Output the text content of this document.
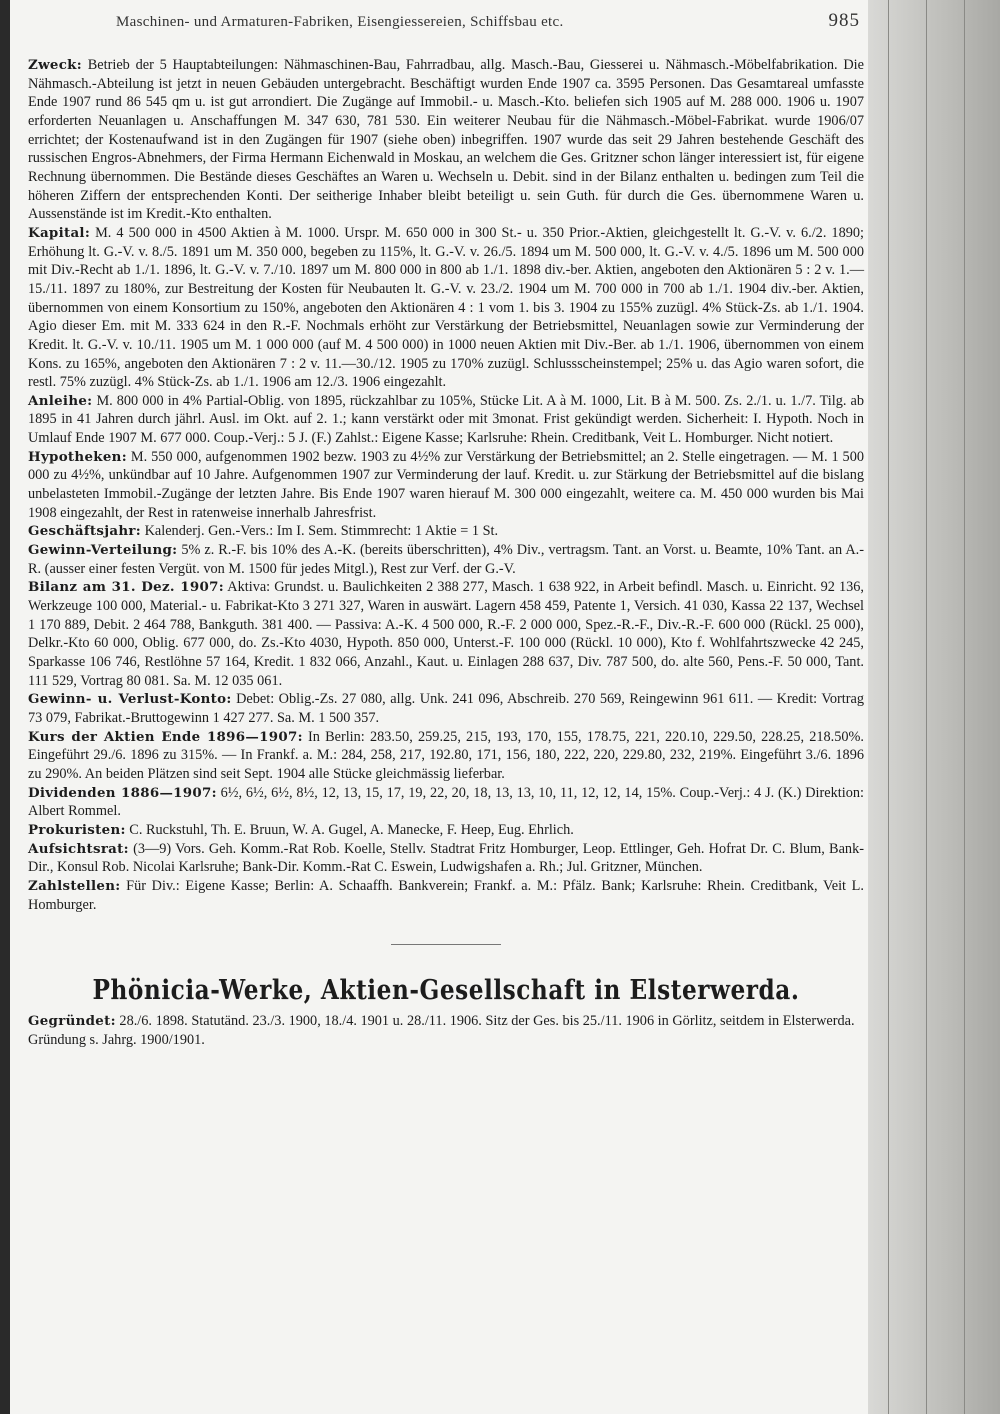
Maschinen- und Armaturen-Fabriken, Eisengiessereien, Schiffsbau etc.	985

Zweck: Betrieb der 5 Hauptabteilungen: Nähmaschinen-Bau, Fahrradbau, allg. Masch.-Bau, Giesserei u. Nähmasch.-Möbelfabrikation. Die Nähmasch.-Abteilung ist jetzt in neuen Gebäuden untergebracht. Beschäftigt wurden Ende 1907 ca. 3595 Personen. Das Gesamtareal umfasste Ende 1907 rund 86 545 qm u. ist gut arrondiert. Die Zugänge auf Immobil.- u. Masch.-Kto. beliefen sich 1905 auf M. 288 000. 1906 u. 1907 erforderten Neuanlagen u. Anschaffungen M. 347 630, 781 530. Ein weiterer Neubau für die Nähmasch.-Möbel-Fabrikat. wurde 1906/07 errichtet; der Kostenaufwand ist in den Zugängen für 1907 (siehe oben) inbegriffen. 1907 wurde das seit 29 Jahren bestehende Geschäft des russischen Engros-Abnehmers, der Firma Hermann Eichenwald in Moskau, an welchem die Ges. Gritzner schon länger interessiert ist, für eigene Rechnung übernommen. Die Bestände dieses Geschäftes an Waren u. Wechseln u. Debit. sind in der Bilanz enthalten u. bedingen zum Teil die höheren Ziffern der entsprechenden Konti. Der seitherige Inhaber bleibt beteiligt u. sein Guth. für durch die Ges. übernommene Waren u. Aussenstände ist im Kredit.-Kto enthalten.

Kapital: M. 4 500 000 in 4500 Aktien à M. 1000. Urspr. M. 650 000 in 300 St.- u. 350 Prior.-Aktien, gleichgestellt lt. G.-V. v. 6./2. 1890; Erhöhung lt. G.-V. v. 8./5. 1891 um M. 350 000, begeben zu 115%, lt. G.-V. v. 26./5. 1894 um M. 500 000, lt. G.-V. v. 4./5. 1896 um M. 500 000 mit Div.-Recht ab 1./1. 1896, lt. G.-V. v. 7./10. 1897 um M. 800 000 in 800 ab 1./1. 1898 div.-ber. Aktien, angeboten den Aktionären 5 : 2 v. 1.—15./11. 1897 zu 180%, zur Bestreitung der Kosten für Neubauten lt. G.-V. v. 23./2. 1904 um M. 700 000 in 700 ab 1./1. 1904 div.-ber. Aktien, übernommen von einem Konsortium zu 150%, angeboten den Aktionären 4 : 1 vom 1. bis 3. 1904 zu 155% zuzügl. 4% Stück-Zs. ab 1./1. 1904. Agio dieser Em. mit M. 333 624 in den R.-F. Nochmals erhöht zur Verstärkung der Betriebsmittel, Neuanlagen sowie zur Verminderung der Kredit. lt. G.-V. v. 10./11. 1905 um M. 1 000 000 (auf M. 4 500 000) in 1000 neuen Aktien mit Div.-Ber. ab 1./1. 1906, übernommen von einem Kons. zu 165%, angeboten den Aktionären 7 : 2 v. 11.—30./12. 1905 zu 170% zuzügl. Schlussscheinstempel; 25% u. das Agio waren sofort, die restl. 75% zuzügl. 4% Stück-Zs. ab 1./1. 1906 am 12./3. 1906 eingezahlt.

Anleihe: M. 800 000 in 4% Partial-Oblig. von 1895, rückzahlbar zu 105%, Stücke Lit. A à M. 1000, Lit. B à M. 500. Zs. 2./1. u. 1./7. Tilg. ab 1895 in 41 Jahren durch jährl. Ausl. im Okt. auf 2. 1.; kann verstärkt oder mit 3monat. Frist gekündigt werden. Sicherheit: I. Hypoth. Noch in Umlauf Ende 1907 M. 677 000. Coup.-Verj.: 5 J. (F.) Zahlst.: Eigene Kasse; Karlsruhe: Rhein. Creditbank, Veit L. Homburger. Nicht notiert.

Hypotheken: M. 550 000, aufgenommen 1902 bezw. 1903 zu 4½% zur Verstärkung der Betriebsmittel; an 2. Stelle eingetragen. — M. 1 500 000 zu 4½%, unkündbar auf 10 Jahre. Aufgenommen 1907 zur Verminderung der lauf. Kredit. u. zur Stärkung der Betriebsmittel auf die bislang unbelasteten Immobil.-Zugänge der letzten Jahre. Bis Ende 1907 waren hierauf M. 300 000 eingezahlt, weitere ca. M. 450 000 wurden bis Mai 1908 eingezahlt, der Rest in ratenweise innerhalb Jahresfrist.

Geschäftsjahr: Kalenderj. Gen.-Vers.: Im I. Sem. Stimmrecht: 1 Aktie = 1 St.

Gewinn-Verteilung: 5% z. R.-F. bis 10% des A.-K. (bereits überschritten), 4% Div., vertragsm. Tant. an Vorst. u. Beamte, 10% Tant. an A.-R. (ausser einer festen Vergüt. von M. 1500 für jedes Mitgl.), Rest zur Verf. der G.-V.

Bilanz am 31. Dez. 1907: Aktiva: Grundst. u. Baulichkeiten 2 388 277, Masch. 1 638 922, in Arbeit befindl. Masch. u. Einricht. 92 136, Werkzeuge 100 000, Material.- u. Fabrikat-Kto 3 271 327, Waren in auswärt. Lagern 458 459, Patente 1, Versich. 41 030, Kassa 22 137, Wechsel 1 170 889, Debit. 2 464 788, Bankguth. 381 400. — Passiva: A.-K. 4 500 000, R.-F. 2 000 000, Spez.-R.-F., Div.-R.-F. 600 000 (Rückl. 25 000), Delkr.-Kto 60 000, Oblig. 677 000, do. Zs.-Kto 4030, Hypoth. 850 000, Unterst.-F. 100 000 (Rückl. 10 000), Kto f. Wohlfahrtszwecke 42 245, Sparkasse 106 746, Restlöhne 57 164, Kredit. 1 832 066, Anzahl., Kaut. u. Einlagen 288 637, Div. 787 500, do. alte 560, Pens.-F. 50 000, Tant. 111 529, Vortrag 80 081. Sa. M. 12 035 061.

Gewinn- u. Verlust-Konto: Debet: Oblig.-Zs. 27 080, allg. Unk. 241 096, Abschreib. 270 569, Reingewinn 961 611. — Kredit: Vortrag 73 079, Fabrikat.-Bruttogewinn 1 427 277. Sa. M. 1 500 357.

Kurs der Aktien Ende 1896—1907: In Berlin: 283.50, 259.25, 215, 193, 170, 155, 178.75, 221, 220.10, 229.50, 228.25, 218.50%. Eingeführt 29./6. 1896 zu 315%. — In Frankf. a. M.: 284, 258, 217, 192.80, 171, 156, 180, 222, 220, 229.80, 232, 219%. Eingeführt 3./6. 1896 zu 290%. An beiden Plätzen sind seit Sept. 1904 alle Stücke gleichmässig lieferbar.

Dividenden 1886—1907: 6½, 6½, 6½, 8½, 12, 13, 15, 17, 19, 22, 20, 18, 13, 13, 10, 11, 12, 12, 14, 15%. Coup.-Verj.: 4 J. (K.) Direktion: Albert Rommel.

Prokuristen: C. Ruckstuhl, Th. E. Bruun, W. A. Gugel, A. Manecke, F. Heep, Eug. Ehrlich.

Aufsichtsrat: (3—9) Vors. Geh. Komm.-Rat Rob. Koelle, Stellv. Stadtrat Fritz Homburger, Leop. Ettlinger, Geh. Hofrat Dr. C. Blum, Bank-Dir., Konsul Rob. Nicolai Karlsruhe; Bank-Dir. Komm.-Rat C. Eswein, Ludwigshafen a. Rh.; Jul. Gritzner, München.

Zahlstellen: Für Div.: Eigene Kasse; Berlin: A. Schaaffh. Bankverein; Frankf. a. M.: Pfälz. Bank; Karlsruhe: Rhein. Creditbank, Veit L. Homburger.

Phönicia-Werke, Aktien-Gesellschaft in Elsterwerda.

Gegründet: 28./6. 1898. Statutänd. 23./3. 1900, 18./4. 1901 u. 28./11. 1906. Sitz der Ges. bis 25./11. 1906 in Görlitz, seitdem in Elsterwerda. Gründung s. Jahrg. 1900/1901.
